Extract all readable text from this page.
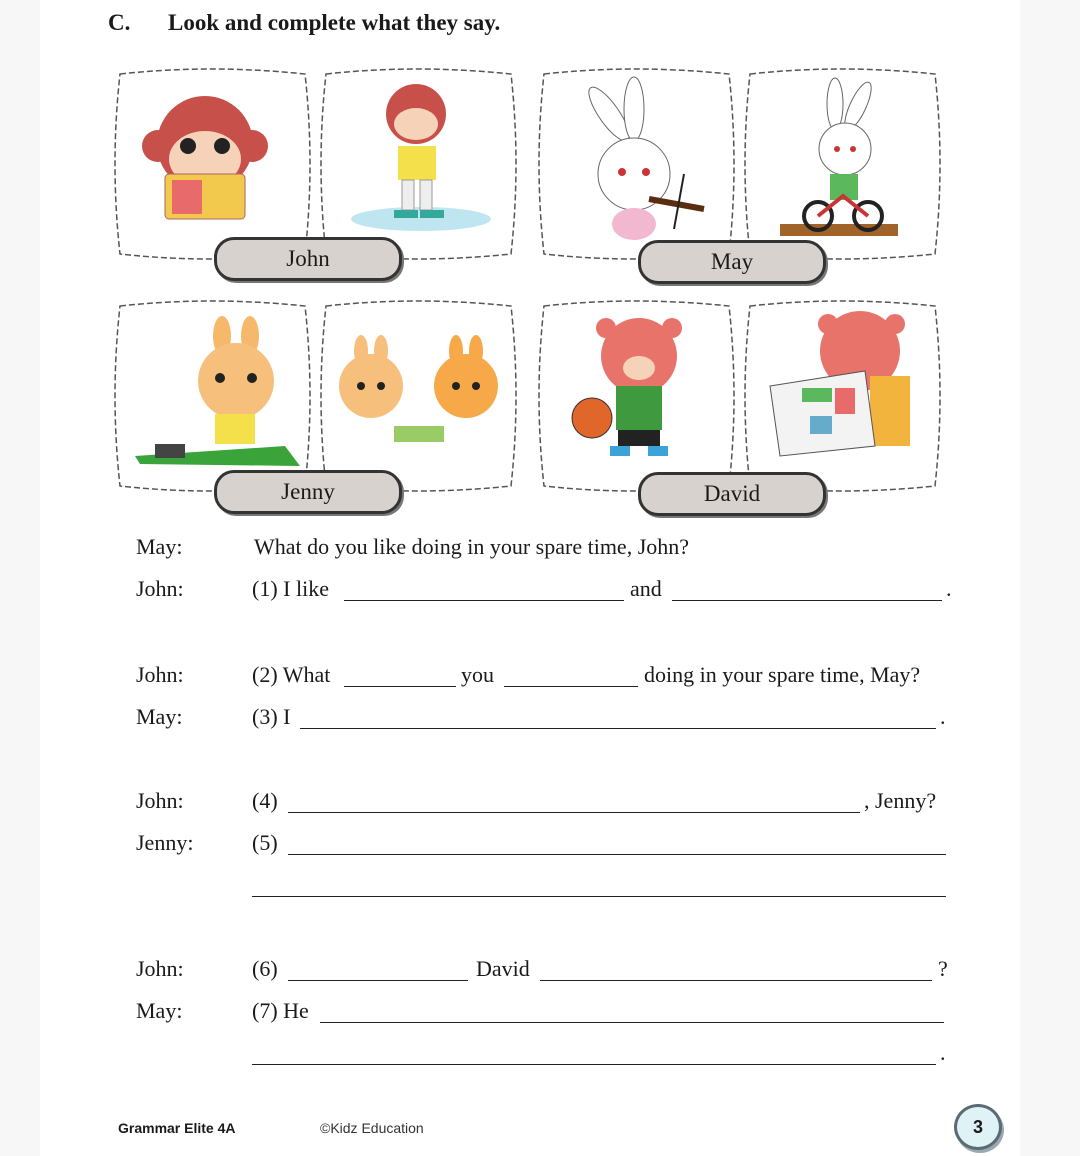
C. Look and complete what they say.
John	May
Jenny	David
May:	What do you like doing in your spare time, John?
John:	(1) I like	and	.
John:	(2) What	you	doing in your spare time, May?
May:	(3) I	.
John:	(4)	, Jenny?
Jenny:	(5)
John:	(6)	David	?
May:	(7) He
.
Grammar Elite 4A	©Kidz Education	3
